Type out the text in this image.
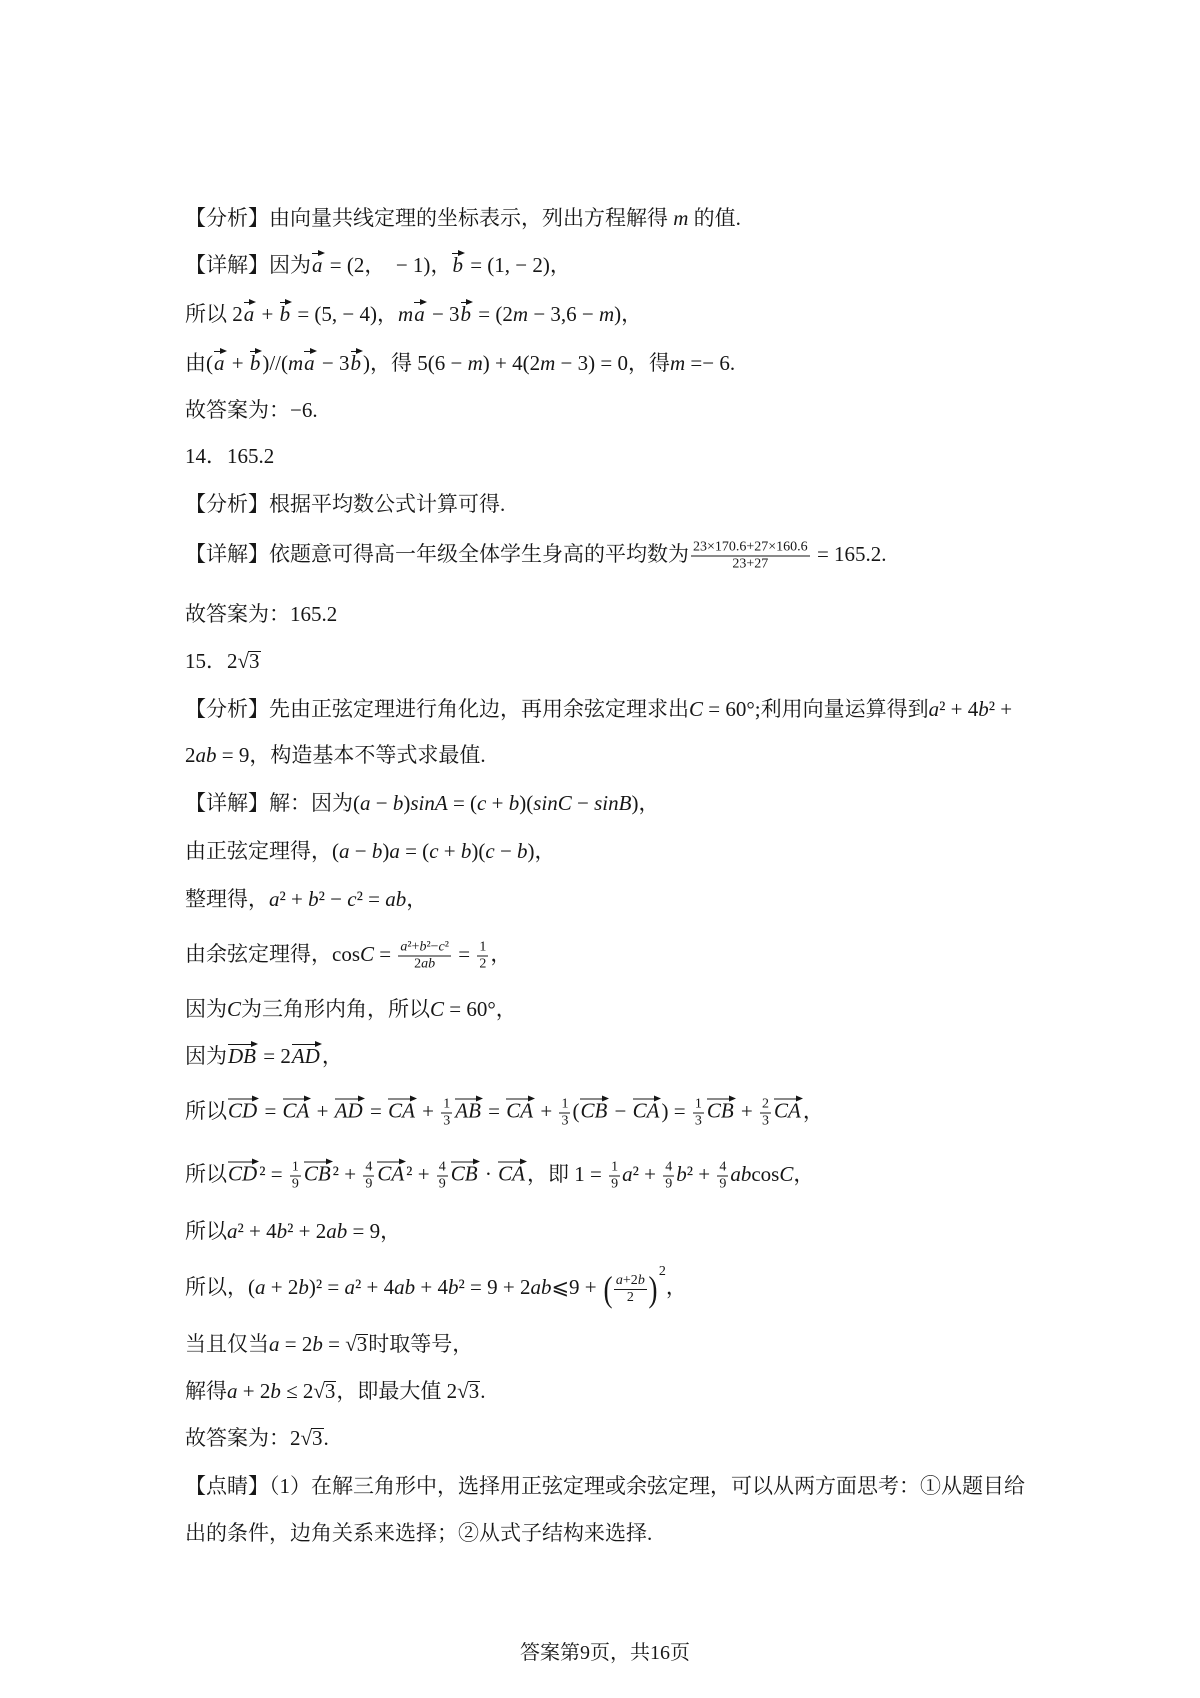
答案第9页，共16页
【分析】由向量共线定理的坐标表示，列出方程解得 m 的值.
【详解】因为a = (2，  − 1)，b = (1, − 2)，
所以 2a + b = (5, − 4)，ma − 3b = (2m − 3,6 − m)，
由(a + b)//(ma − 3b)，得 5(6 − m) + 4(2m − 3) = 0，得m =− 6.
故答案为：−6.
14．165.2
【分析】根据平均数公式计算可得.
【详解】依题意可得高一年级全体学生身高的平均数为 $\frac{23\times 170.6+27\times 160.6}{23+27} = 165.2$.
故答案为：165.2
15．2 √ 3
【分析】先由正弦定理进行角化边，再用余弦定理求出C = 60°;利用向量运算得到a² + 4b² +
2ab = 9，构造基本不等式求最值.
【详解】解：因为(a − b)sinA = (c + b)(sinC − sinB)，
由正弦定理得，(a − b)a = (c + b)(c − b)，
整理得，a² + b² − c² = ab，
由余弦定理得，$\cos C = \frac{\text{a²+b²−c²}}{2ab} = \frac{1}{2}$ ，
因为C为三角形内角，所以C = 60°，
因为DB = 2AD，
所以CD = CA + AD = CA + $\frac{1}{3}$ AB = CA + $\frac{1}{3} (CB - CA) = \frac{1}{3}$ CB + $\frac{2}{3}$ CA，
所以$CD^2 = \frac{1}{9} CB^2 + \frac{4}{9} CA^2 + \frac{4}{9}$ CB · CA，即 $1 = \frac{1}{9} a^2 + \frac{4}{9} b^2 + \frac{4}{9}$ abcosC，
所以a² + 4b² + 2ab = 9，
所以，(a + 2b)² = a² + 4ab + 4b² = 9 + 2ab⩽9 + ( $\frac{a+2b}{2}$
)$^2$，
当且仅当a = 2b = √ 3时取等号，
解得a + 2b ≤ 2 √ 3，即最大值 2 √ 3.
故答案为：2 √ 3.
【点睛】（1）在解三角形中，选择用正弦定理或余弦定理，可以从两方面思考：①从题目给
出的条件，边角关系来选择；②从式子结构来选择.
